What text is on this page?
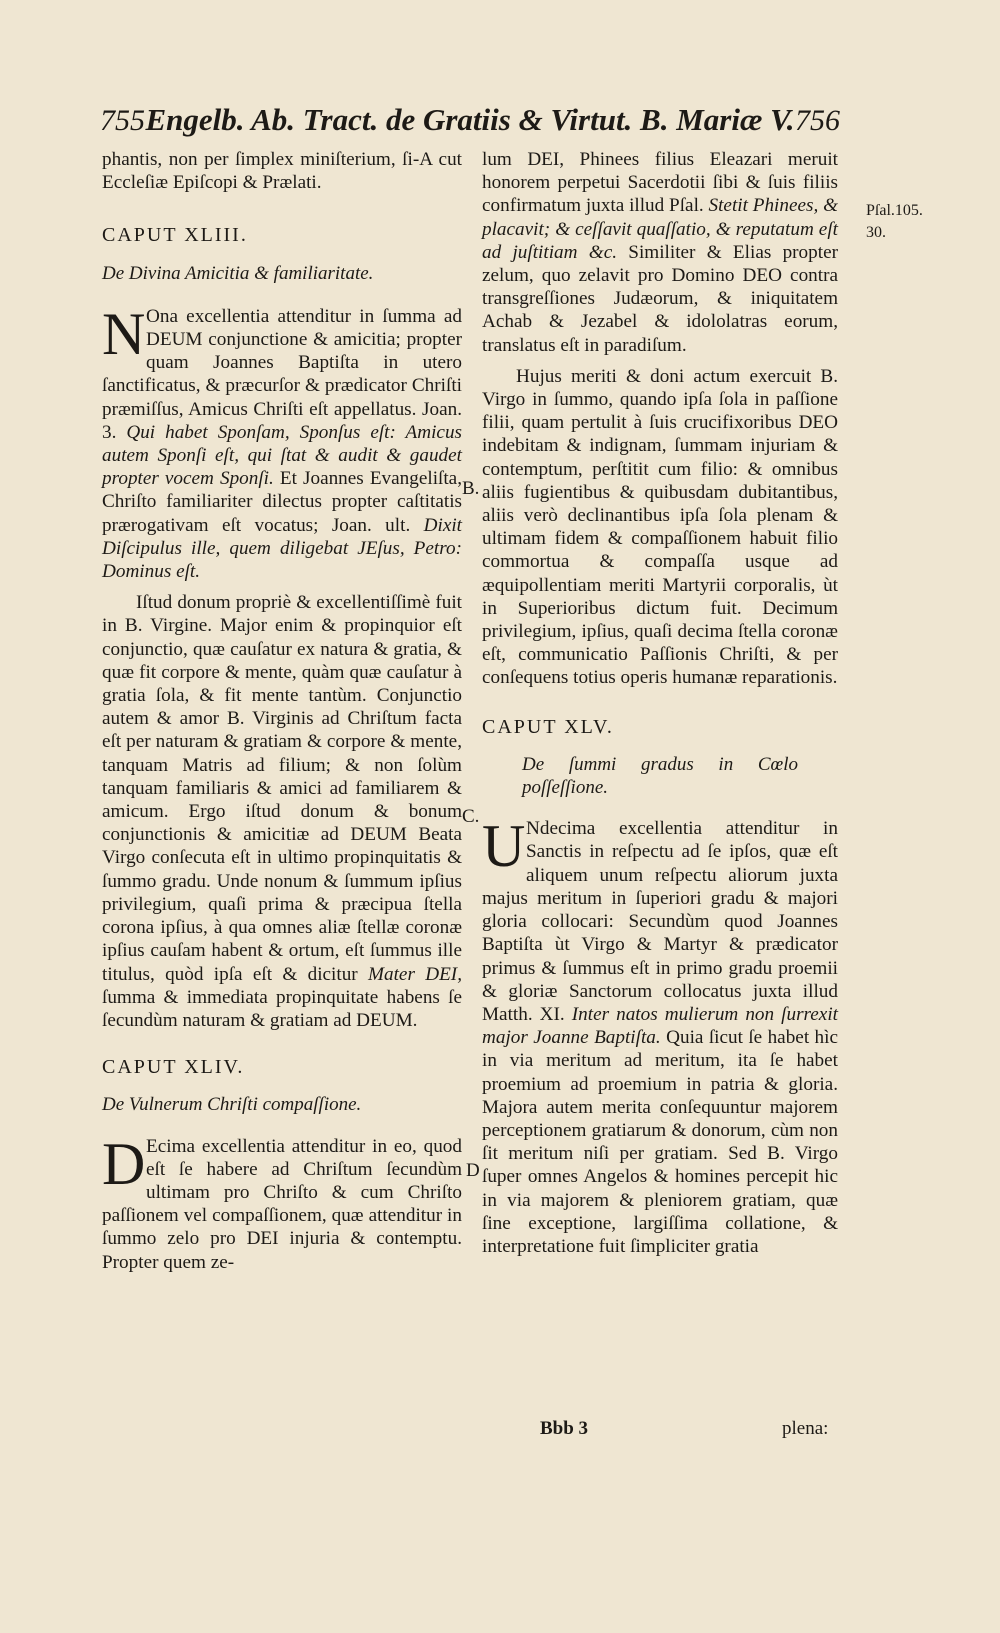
755 Engelb. Ab. Tract. de Gratiis & Virtut. B. Mariæ V. 756

phantis, non per ſimplex miniſterium, ſi-A cut Eccleſiæ Epiſcopi & Prælati.

CAPUT XLIII.

De Divina Amicitia & familiaritate.

N Ona excellentia attenditur in ſumma ad DEUM conjunctione & amicitia; propter quam Joannes Baptiſta in utero ſanctificatus, & præcurſor & prædicator Chriſti præmiſſus, Amicus Chriſti eſt appellatus. Joan. 3. Qui habet Sponſam, Sponſus eſt: Amicus autem Sponſi eſt, qui ſtat & audit & gaudet propter vocem Sponſi. Et Joannes Evangeliſta, Chriſto familiariter dilectus propter caſtitatis prærogativam eſt vocatus; Joan. ult. Dixit Diſcipulus ille, quem diligebat JEſus, Petro: Dominus eſt.

Iſtud donum propriè & excellentiſſimè fuit in B. Virgine. Major enim & propinquior eſt conjunctio, quæ cauſatur ex natura & gratia, & quæ fit corpore & mente, quàm quæ cauſatur à gratia ſola, & fit mente tantùm. Conjunctio autem & amor B. Virginis ad Chriſtum facta eſt per naturam & gratiam & corpore & mente, tanquam Matris ad filium; & non ſolùm tanquam familiaris & amici ad familiarem & amicum. Ergo iſtud donum & bonum conjunctionis & amicitiæ ad DEUM Beata Virgo conſecuta eſt in ultimo propinquitatis & ſummo gradu. Unde nonum & ſummum ipſius privilegium, quaſi prima & præcipua ſtella corona ipſius, à qua omnes aliæ ſtellæ coronæ ipſius cauſam habent & ortum, eſt ſummus ille titulus, quòd ipſa eſt & dicitur Mater DEI, ſumma & immediata propinquitate habens ſe ſecundùm naturam & gratiam ad DEUM.

CAPUT XLIV.

De Vulnerum Chriſti compaſſione.

D Ecima excellentia attenditur in eo, quod eſt ſe habere ad Chriſtum ſecundùm ultimam pro Chriſto & cum Chriſto paſſionem vel compaſſionem, quæ attenditur in ſummo zelo pro DEI injuria & contemptu. Propter quem ze-

lum DEI, Phinees filius Eleazari meruit honorem perpetui Sacerdotii ſibi & ſuis filiis confirmatum juxta illud Pſal. Stetit Phinees, & placavit; & ceſſavit quaſſatio, & reputatum eſt ad juſtitiam &c. Similiter & Elias propter zelum, quo zelavit pro Domino DEO contra transgreſſiones Judæorum, & iniquitatem Achab & Jezabel & idololatras eorum, translatus eſt in paradiſum.

Hujus meriti & doni actum exercuit B. Virgo in ſummo, quando ipſa ſola in paſſione filii, quam pertulit à ſuis crucifixoribus DEO indebitam & indignam, ſummam injuriam & contemptum, perſtitit cum filio: & omnibus aliis fugientibus & quibusdam dubitantibus, aliis verò declinantibus ipſa ſola plenam & ultimam fidem & compaſſionem habuit filio commortua & compaſſa usque ad æquipollentiam meriti Martyrii corporalis, ùt in Superioribus dictum fuit. Decimum privilegium, ipſius, quaſi decima ſtella coronæ eſt, communicatio Paſſionis Chriſti, & per conſequens totius operis humanæ reparationis.

CAPUT XLV.

De ſummi gradus in Cœlo poſſeſſione.

U Ndecima excellentia attenditur in Sanctis in reſpectu ad ſe ipſos, quæ eſt aliquem unum reſpectu aliorum juxta majus meritum in ſuperiori gradu & majori gloria collocari: Secundùm quod Joannes Baptiſta ùt Virgo & Martyr & prædicator primus & ſummus eſt in primo gradu proemii & gloriæ Sanctorum collocatus juxta illud Matth. XI. Inter natos mulierum non ſurrexit major Joanne Baptiſta. Quia ſicut ſe habet hìc in via meritum ad meritum, ita ſe habet proemium ad proemium in patria & gloria. Majora autem merita conſequuntur majorem perceptionem gratiarum & donorum, cùm non ſit meritum niſi per gratiam. Sed B. Virgo ſuper omnes Angelos & homines percepit hic in via majorem & pleniorem gratiam, quæ ſine exceptione, largiſſima collatione, & interpretatione fuit ſimpliciter gratia

Pſal.105.
30.
B.
C.
D
Bbb 3	plena:
